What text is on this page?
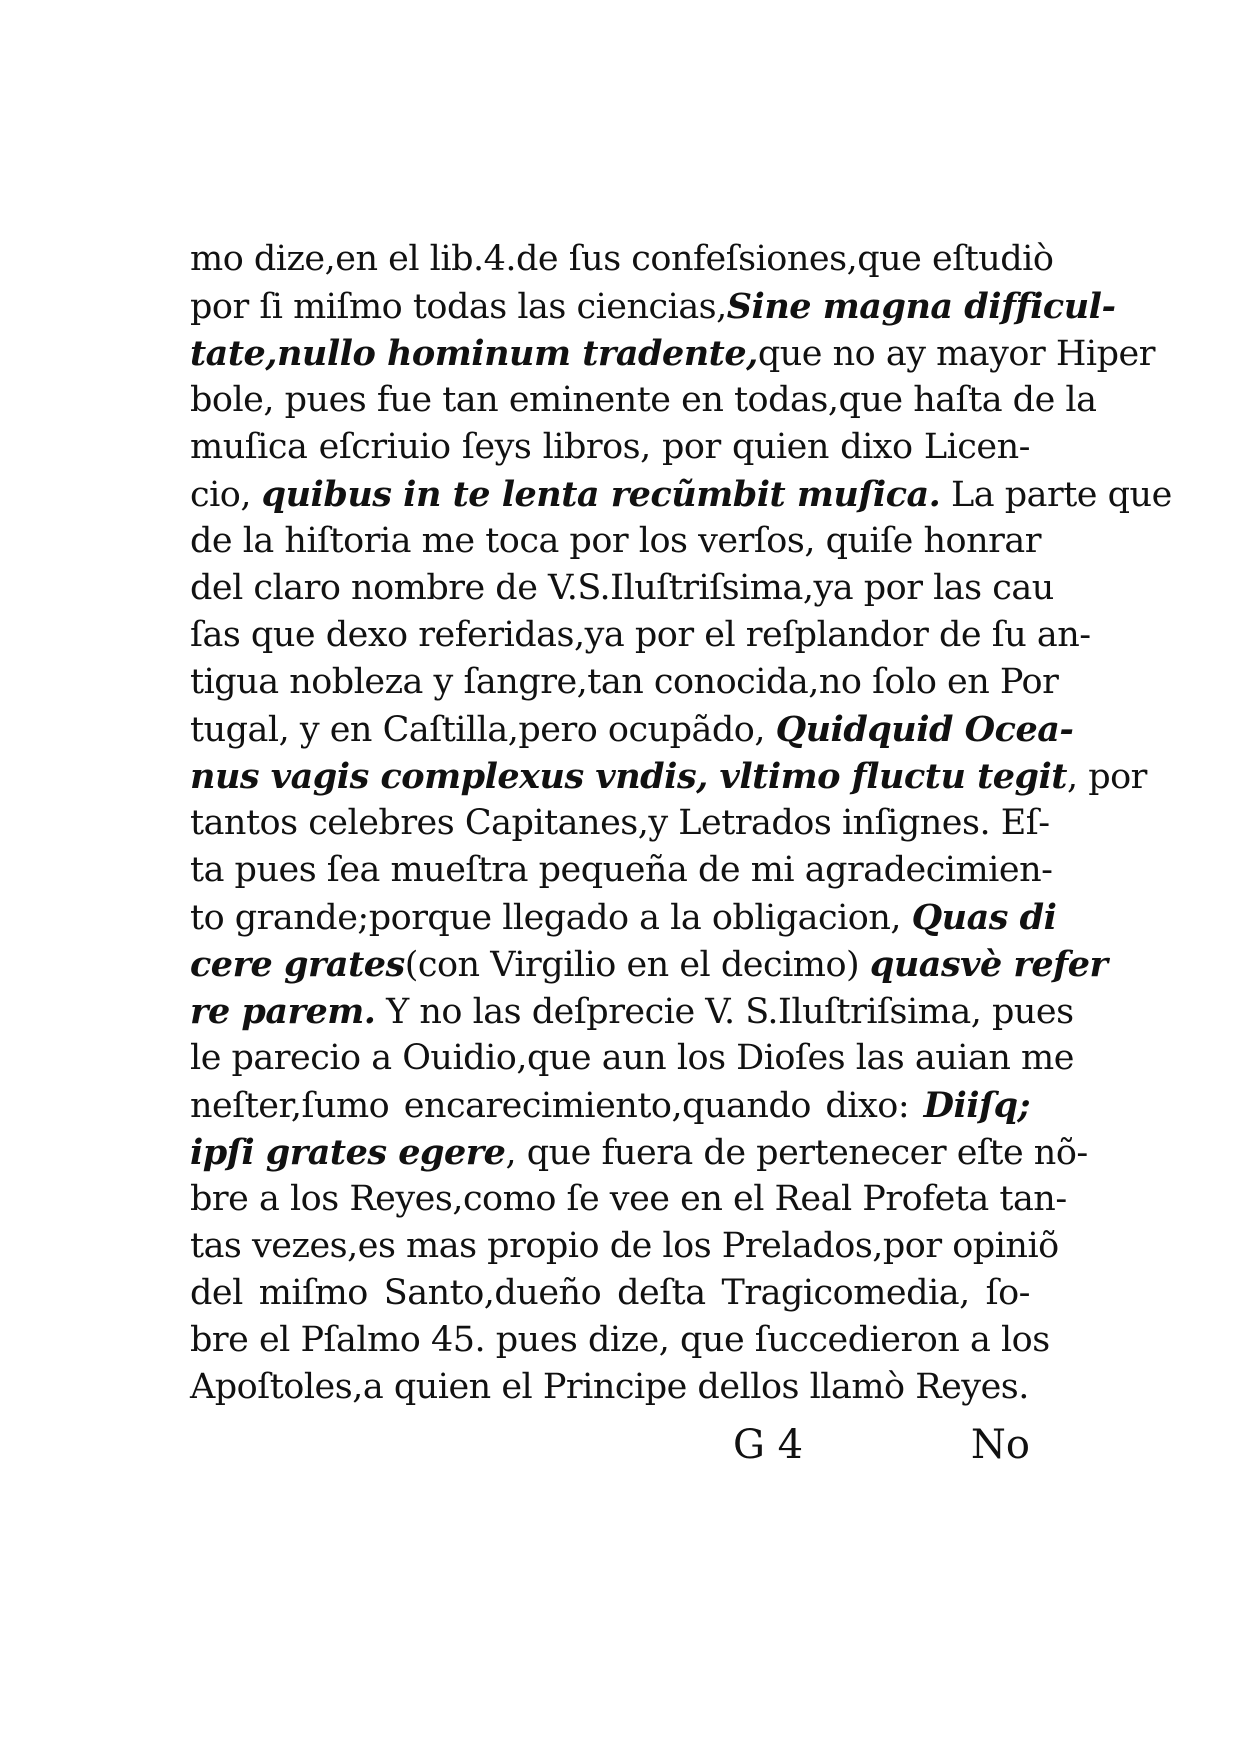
mo dize,en el lib.4.de ſus confeſsiones,que eſtudiò
por ſi miſmo todas las ciencias,Sine magna difficul-
tate,nullo hominum tradente,que no ay mayor Hiper
bole, pues fue tan eminente en todas,que haſta de la
muſica eſcriuio ſeys libros, por quien dixo Licen-
cio, quibus in te lenta recũmbit muſica. La parte que
de la hiſtoria me toca por los verſos, quiſe honrar
del claro nombre de V.S.Iluſtriſsima,ya por las cau
ſas que dexo referidas,ya por el reſplandor de ſu an-
tigua nobleza y ſangre,tan conocida,no ſolo en Por
tugal, y en Caſtilla,pero ocupãdo, Quidquid Ocea-
nus vagis complexus vndis, vltimo fluctu tegit, por
tantos celebres Capitanes,y Letrados inſignes. Eſ-
ta pues ſea mueſtra pequeña de mi agradecimien-
to grande;porque llegado a la obligacion, Quas di
cere grates(con Virgilio en el decimo) quasvè refer
re parem. Y no las deſprecie V. S.Iluſtriſsima, pues
le parecio a Ouidio,que aun los Dioſes las auian me
neſter,ſumo encarecimiento,quando dixo: Diiſq;
ipſi grates egere, que fuera de pertenecer eſte nõ-
bre a los Reyes,como ſe vee en el Real Profeta tan-
tas vezes,es mas propio de los Prelados,por opiniõ
del miſmo Santo,dueño deſta Tragicomedia, ſo-
bre el Pſalmo 45. pues dize, que ſuccedieron a los
Apoſtoles,a quien el Principe dellos llamò Reyes.
G 4	No
